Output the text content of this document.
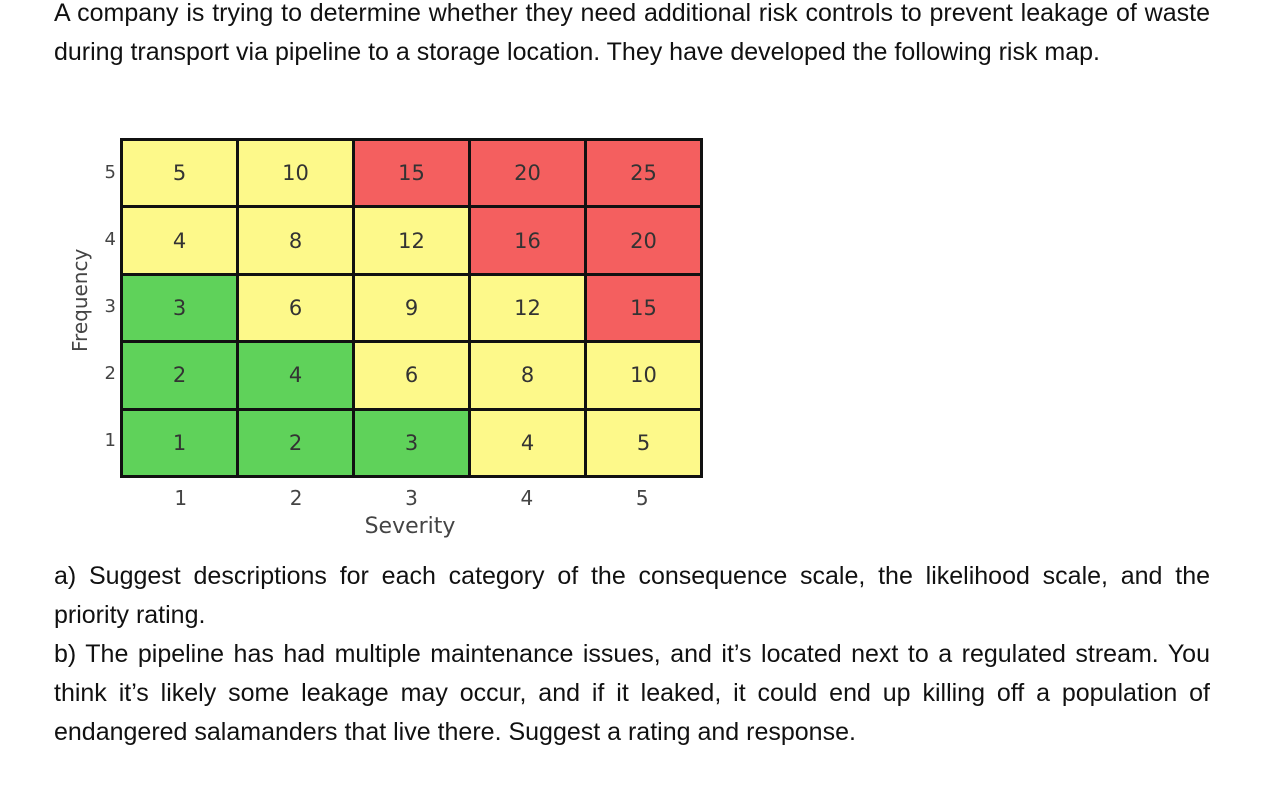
A company is trying to determine whether they need additional risk controls to prevent leakage of waste during transport via pipeline to a storage location. They have developed the following risk map.

Frequency
5
4
3
2
1
5	10	15	20	25
4	8	12	16	20
3	6	9	12	15
2	4	6	8	10
1	2	3	4	5
1	2	3	4	5
Severity

a) Suggest descriptions for each category of the consequence scale, the likelihood scale, and the priority rating.

b) The pipeline has had multiple maintenance issues, and it’s located next to a regulated stream. You think it’s likely some leakage may occur, and if it leaked, it could end up killing off a population of endangered salamanders that live there. Suggest a rating and response.
